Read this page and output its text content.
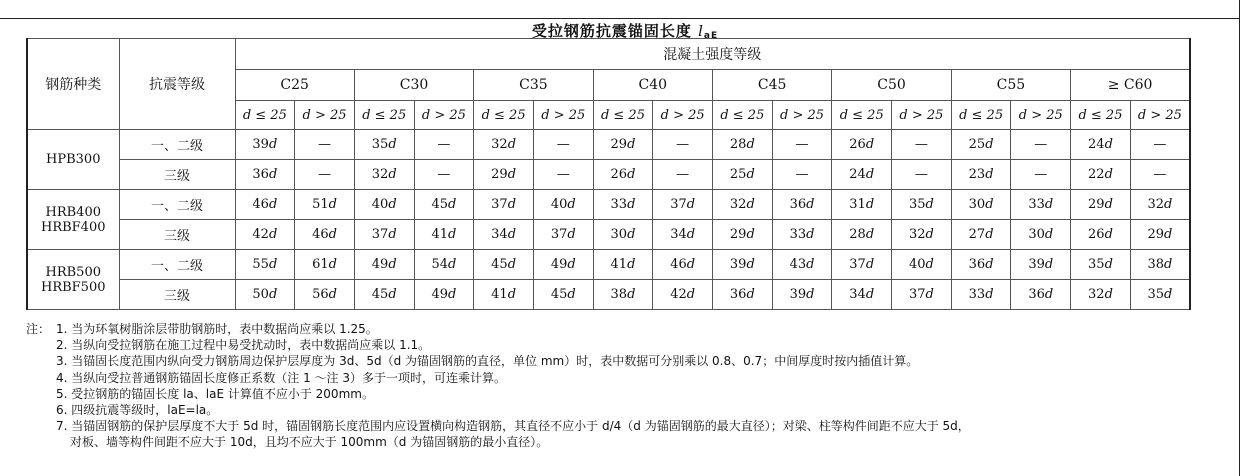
受拉钢筋抗震锚固长度 $l_{aE}$
钢筋种类	抗震等级	混凝土强度等级															
		C25		C30		C35		C40		C45		C50		C55		≥ C60	
		d ≤ 25	d > 25	d ≤ 25	d > 25	d ≤ 25	d > 25	d ≤ 25	d > 25	d ≤ 25	d > 25	d ≤ 25	d > 25	d ≤ 25	d > 25	d ≤ 25	d > 25

HPB300	一、二级	39d	—	35d	—	32d	—	29d	—	28d	—	26d	—	25d	—	24d	—
	三级	36d	—	32d	—	29d	—	26d	—	25d	—	24d	—	23d	—	22d	—

HRB400
HRBF400	一、二级	46d	51d	40d	45d	37d	40d	33d	37d	32d	36d	31d	35d	30d	33d	29d	32d
	三级	42d	46d	37d	41d	34d	37d	30d	34d	29d	33d	28d	32d	27d	30d	26d	29d

HRB500
HRBF500	一、二级	55d	61d	49d	54d	45d	49d	41d	46d	39d	43d	37d	40d	36d	39d	35d	38d
	三级	50d	56d	45d	49d	41d	45d	38d	42d	36d	39d	34d	37d	33d	36d	32d	35d
注： 1. 当为环氧树脂涂层带肋钢筋时，表中数据尚应乘以 1.25。
2. 当纵向受拉钢筋在施工过程中易受扰动时，表中数据尚应乘以 1.1。
3. 当锚固长度范围内纵向受力钢筋周边保护层厚度为 3d、5d（d 为锚固钢筋的直径，单位 mm）时，表中数据可分别乘以 0.8、0.7；中间厚度时按内插值计算。
4. 当纵向受拉普通钢筋锚固长度修正系数（注 1 ～注 3）多于一项时，可连乘计算。
5. 受拉钢筋的锚固长度 la、laE 计算值不应小于 200mm。
6. 四级抗震等级时，laE=la。
7. 当锚固钢筋的保护层厚度不大于 5d 时，锚固钢筋长度范围内应设置横向构造钢筋，其直径不应小于 d/4（d 为锚固钢筋的最大直径）；对梁、柱等构件间距不应大于 5d，
对板、墙等构件间距不应大于 10d，且均不应大于 100mm（d 为锚固钢筋的最小直径）。
